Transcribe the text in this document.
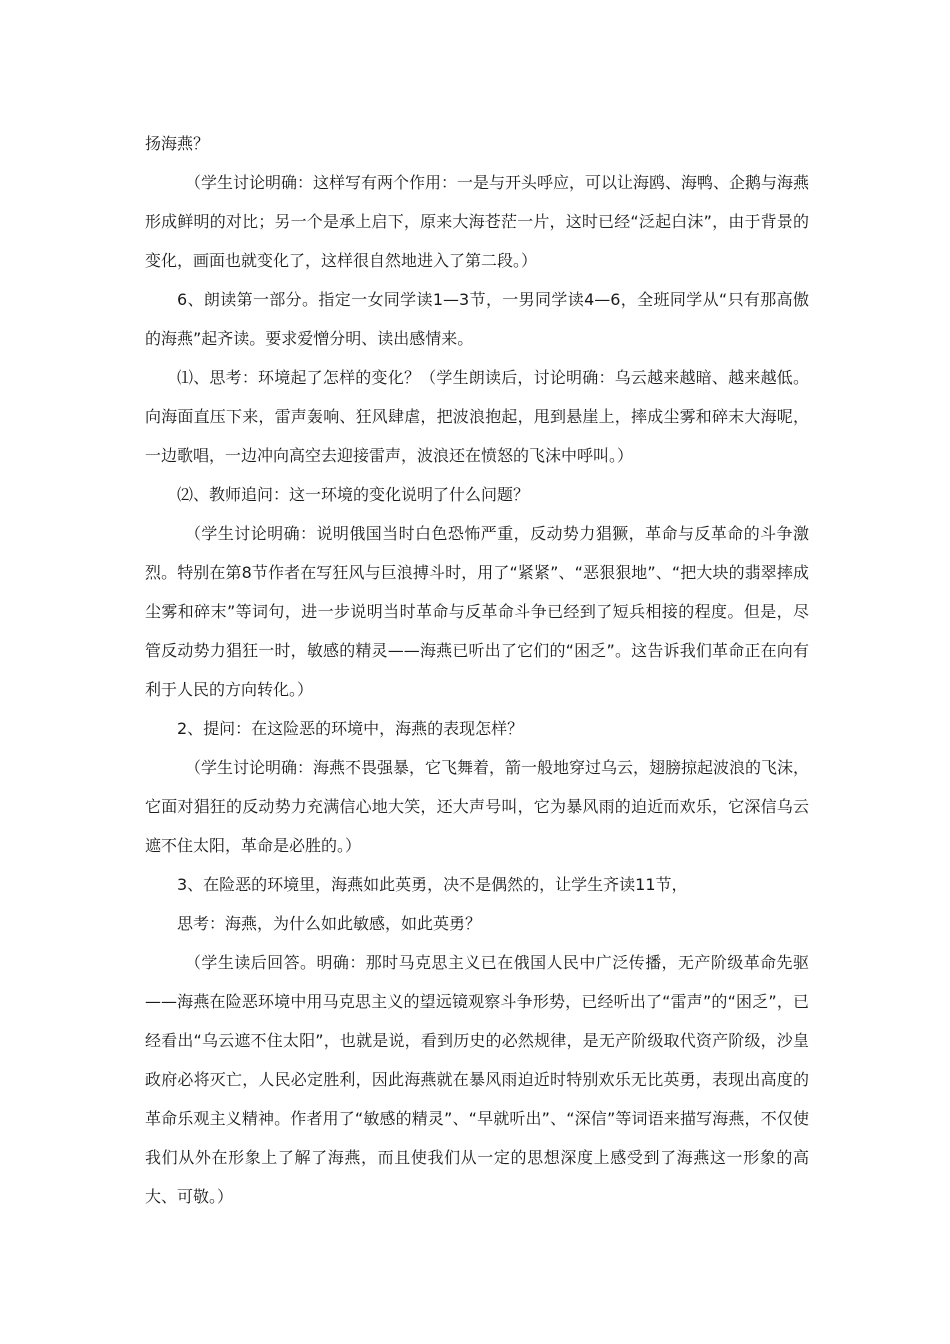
扬海燕？

（学生讨论明确：这样写有两个作用：一是与开头呼应，可以让海鸥、海鸭、企鹅与海燕形成鲜明的对比；另一个是承上启下，原来大海苍茫一片，这时已经“泛起白沫”，由于背景的变化，画面也就变化了，这样很自然地进入了第二段。）

6、朗读第一部分。指定一女同学读1—3节，一男同学读4—6，全班同学从“只有那高傲的海燕”起齐读。要求爱憎分明、读出感情来。

⑴、思考：环境起了怎样的变化？（学生朗读后，讨论明确：乌云越来越暗、越来越低。向海面直压下来，雷声轰响、狂风肆虐，把波浪抱起，甩到悬崖上，摔成尘雾和碎末大海呢，一边歌唱，一边冲向高空去迎接雷声，波浪还在愤怒的飞沫中呼叫。）

⑵、教师追问：这一环境的变化说明了什么问题？

（学生讨论明确：说明俄国当时白色恐怖严重，反动势力猖獗，革命与反革命的斗争激烈。特别在第8节作者在写狂风与巨浪搏斗时，用了“紧紧”、“恶狠狠地”、“把大块的翡翠摔成尘雾和碎末”等词句，进一步说明当时革命与反革命斗争已经到了短兵相接的程度。但是，尽管反动势力猖狂一时，敏感的精灵——海燕已听出了它们的“困乏”。这告诉我们革命正在向有利于人民的方向转化。）

2、提问：在这险恶的环境中，海燕的表现怎样？

（学生讨论明确：海燕不畏强暴，它飞舞着，箭一般地穿过乌云，翅膀掠起波浪的飞沫，它面对猖狂的反动势力充满信心地大笑，还大声号叫，它为暴风雨的迫近而欢乐，它深信乌云遮不住太阳，革命是必胜的。）

3、在险恶的环境里，海燕如此英勇，决不是偶然的，让学生齐读11节，

思考：海燕，为什么如此敏感，如此英勇？

（学生读后回答。明确：那时马克思主义已在俄国人民中广泛传播，无产阶级革命先驱——海燕在险恶环境中用马克思主义的望远镜观察斗争形势，已经听出了“雷声”的“困乏”，已经看出“乌云遮不住太阳”，也就是说，看到历史的必然规律，是无产阶级取代资产阶级，沙皇政府必将灭亡，人民必定胜利，因此海燕就在暴风雨迫近时特别欢乐无比英勇，表现出高度的革命乐观主义精神。作者用了“敏感的精灵”、“早就听出”、“深信”等词语来描写海燕，不仅使我们从外在形象上了解了海燕，而且使我们从一定的思想深度上感受到了海燕这一形象的高大、可敬。）
